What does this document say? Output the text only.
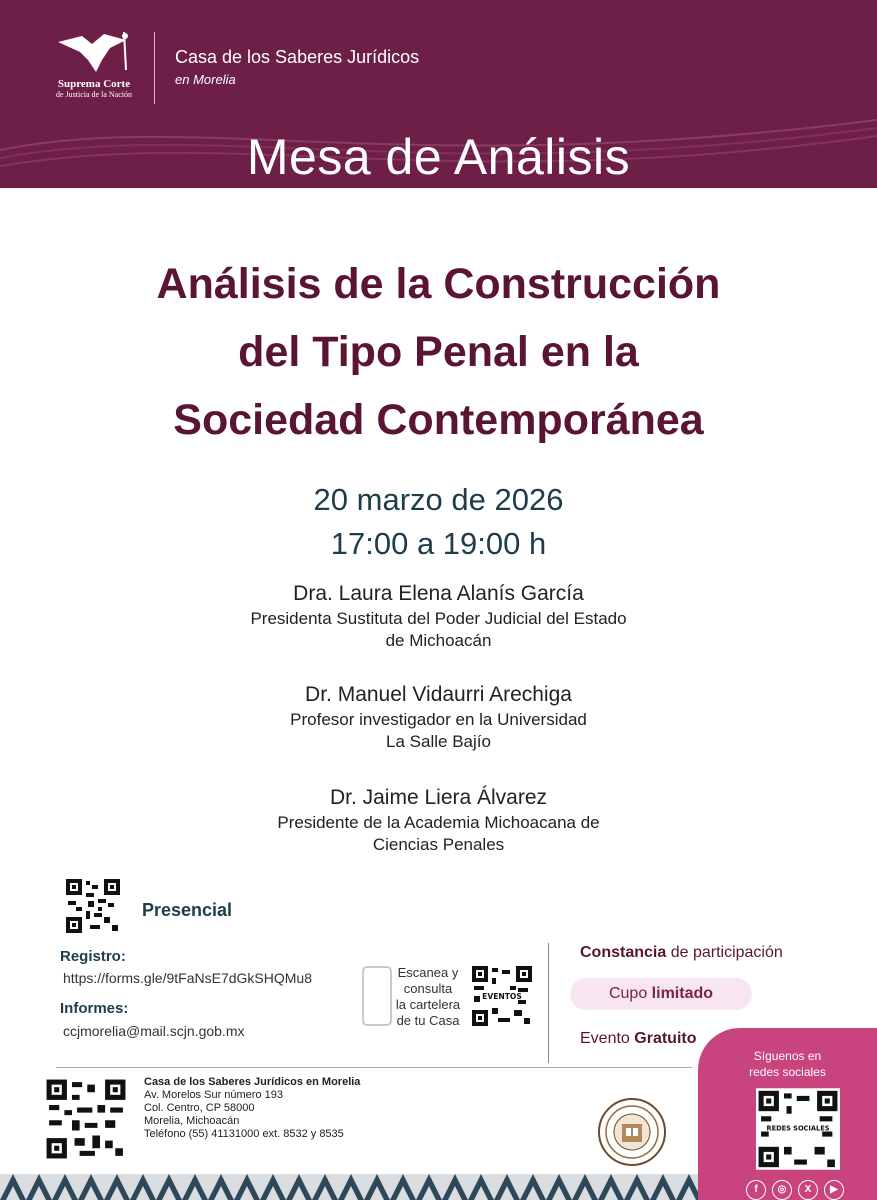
Suprema Corte
de Justicia de la Nación
Casa de los Saberes Jurídicos
en Morelia
Mesa de Análisis
Análisis de la Construcción
del Tipo Penal en la
Sociedad Contemporánea
20 marzo de 2026
17:00 a 19:00 h
Dra. Laura Elena Alanís García
Presidenta Sustituta del Poder Judicial del Estado
de Michoacán
Dr. Manuel Vidaurri Arechiga
Profesor investigador en la Universidad
La Salle Bajío
Dr. Jaime Liera Álvarez
Presidente de la Academia Michoacana de
Ciencias Penales
Presencial
Registro:
https://forms.gle/9tFaNsE7dGkSHQMu8
Informes:
ccjmorelia@mail.scjn.gob.mx
Escanea y
consulta
la cartelera
de tu Casa
EVENTOS
Constancia de participación
Cupo limitado
Evento Gratuito
Casa de los Saberes Jurídicos en Morelia
Av. Morelos Sur número 193
Col. Centro, CP 58000
Morelia, Michoacán
Teléfono (55) 41131000 ext. 8532 y 8535
Síguenos en
redes sociales
REDES SOCIALES
f	◎	X	▶
